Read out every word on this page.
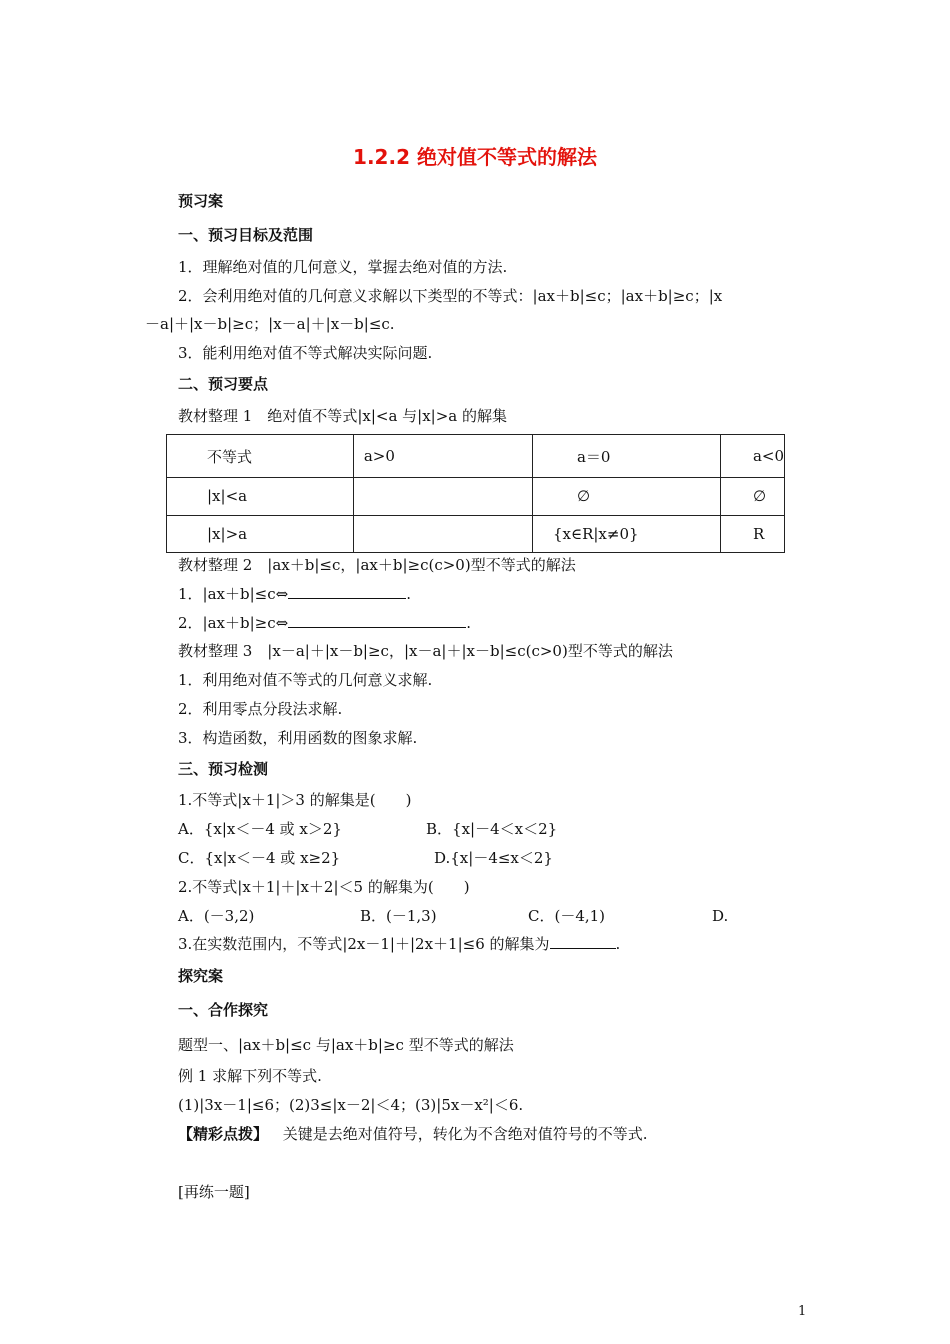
1.2.2 绝对值不等式的解法
预习案
一、预习目标及范围
1．理解绝对值的几何意义，掌握去绝对值的方法.
2．会利用绝对值的几何意义求解以下类型的不等式：|ax＋b|≤c；|ax＋b|≥c；|x
－a|＋|x－b|≥c；|x－a|＋|x－b|≤c.
3．能利用绝对值不等式解决实际问题.
二、预习要点
教材整理 1　绝对值不等式|x|<a 与|x|>a 的解集
不等式	a>0	a＝0	a<0
|x|<a		∅	∅
|x|>a		{x∈R|x≠0}	R
教材整理 2　|ax＋b|≤c，|ax＋b|≥c(c>0)型不等式的解法
1．|ax＋b|≤c⇔	.
2．|ax＋b|≥c⇔	.
教材整理 3　|x－a|＋|x－b|≥c，|x－a|＋|x－b|≤c(c>0)型不等式的解法
1．利用绝对值不等式的几何意义求解.
2．利用零点分段法求解.
3．构造函数，利用函数的图象求解.
三、预习检测
1.不等式|x＋1|＞3 的解集是(　　)
A．{x|x＜－4 或 x＞2}	B．{x|－4＜x＜2}
C．{x|x＜－4 或 x≥2}	D.{x|－4≤x＜2}
2.不等式|x＋1|＋|x＋2|＜5 的解集为(　　)
A．(－3,2)	B．(－1,3)	C．(－4,1)	D.
3.在实数范围内，不等式|2x－1|＋|2x＋1|≤6 的解集为	.
探究案
一、合作探究
题型一、|ax＋b|≤c 与|ax＋b|≥c 型不等式的解法
例 1 求解下列不等式.
(1)|3x－1|≤6；(2)3≤|x－2|＜4；(3)|5x－x²|＜6.
【精彩点拨】 关键是去绝对值符号，转化为不含绝对值符号的不等式.
[再练一题]
1
